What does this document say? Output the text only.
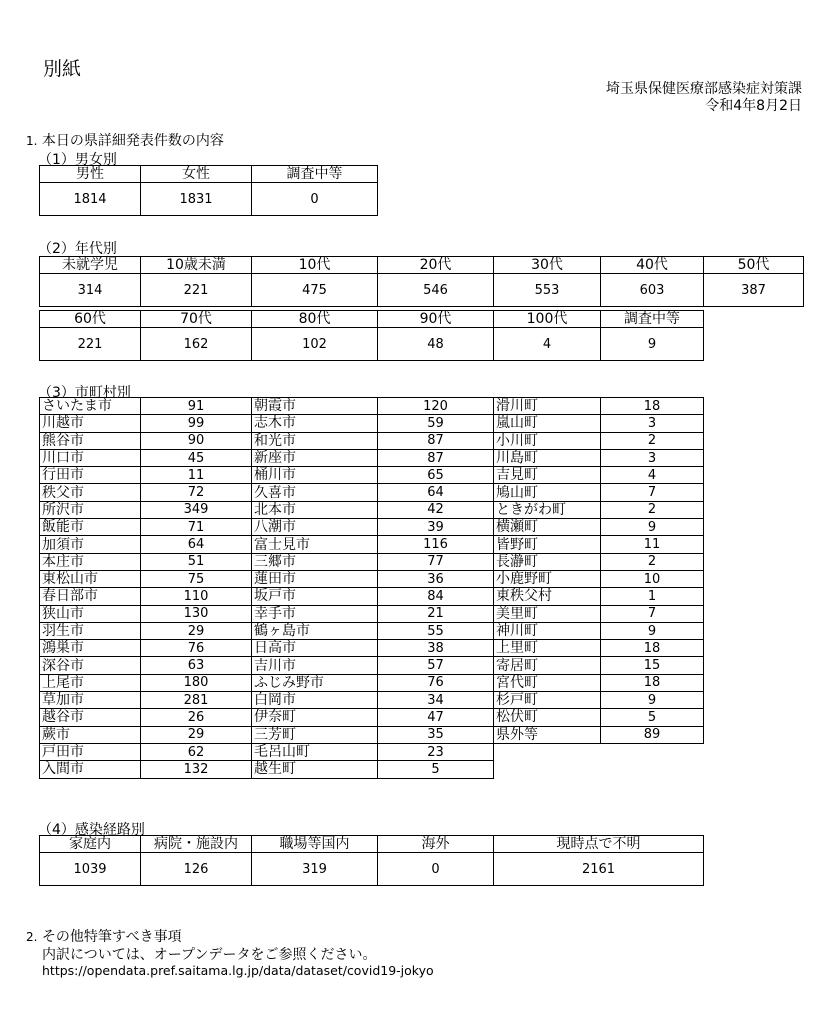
別紙
埼玉県保健医療部感染症対策課
令和4年8月2日
1. 本日の県詳細発表件数の内容
（1）男女別
男性	女性	調査中等
1814	1831	0
（2）年代別
未就学児	10歳未満	10代	20代	30代	40代	50代
314	221	475	546	553	603	387
60代	70代	80代	90代	100代	調査中等
221	162	102	48	4	9
（3）市町村別
さいたま市	91	朝霞市	120	滑川町	18
川越市	99	志木市	59	嵐山町	3
熊谷市	90	和光市	87	小川町	2
川口市	45	新座市	87	川島町	3
行田市	11	桶川市	65	吉見町	4
秩父市	72	久喜市	64	鳩山町	7
所沢市	349	北本市	42	ときがわ町	2
飯能市	71	八潮市	39	横瀬町	9
加須市	64	富士見市	116	皆野町	11
本庄市	51	三郷市	77	長瀞町	2
東松山市	75	蓮田市	36	小鹿野町	10
春日部市	110	坂戸市	84	東秩父村	1
狭山市	130	幸手市	21	美里町	7
羽生市	29	鶴ヶ島市	55	神川町	9
鴻巣市	76	日高市	38	上里町	18
深谷市	63	吉川市	57	寄居町	15
上尾市	180	ふじみ野市	76	宮代町	18
草加市	281	白岡市	34	杉戸町	9
越谷市	26	伊奈町	47	松伏町	5
蕨市	29	三芳町	35	県外等	89
戸田市	62	毛呂山町	23		
入間市	132	越生町	5		
（4）感染経路別
家庭内	病院・施設内	職場等国内	海外	現時点で不明
1039	126	319	0	2161
2. その他特筆すべき事項
内訳については、オープンデータをご参照ください。
https://opendata.pref.saitama.lg.jp/data/dataset/covid19-jokyo
